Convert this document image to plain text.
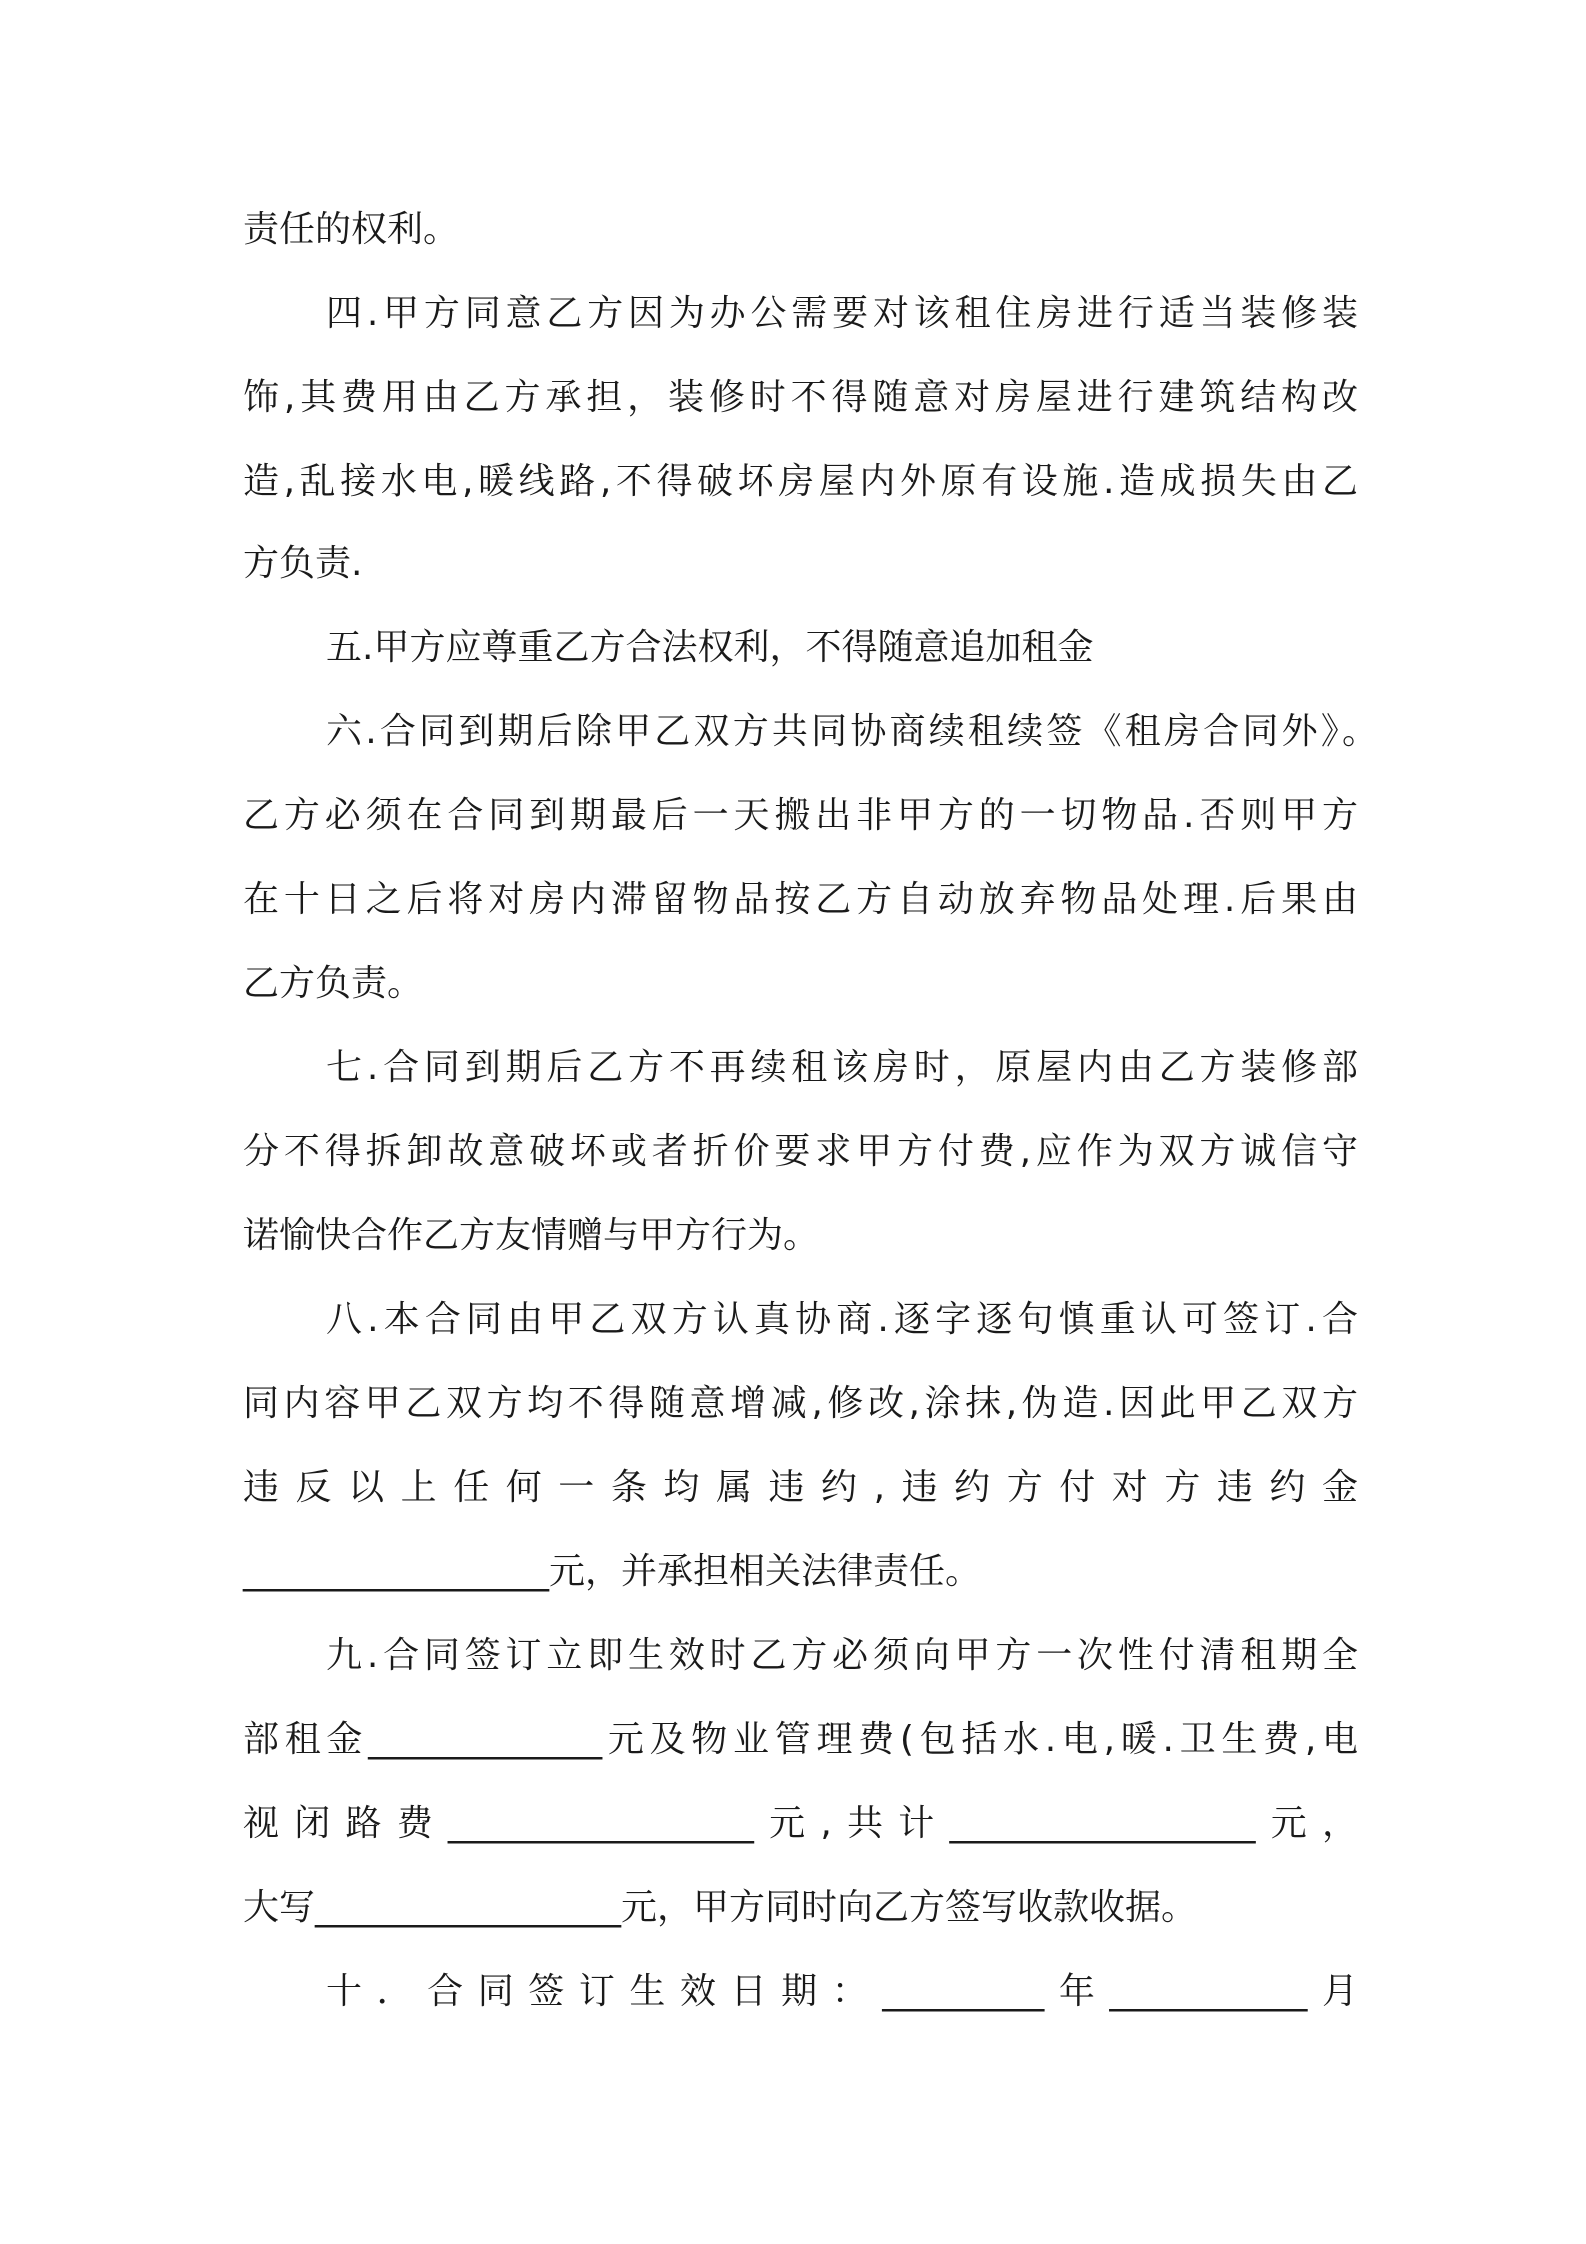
责任的权利。
四.甲方同意乙方因为办公需要对该租住房进行适当装修装
饰,其费用由乙方承担，装修时不得随意对房屋进行建筑结构改
造,乱接水电,暖线路,不得破坏房屋内外原有设施.造成损失由乙
方负责.
五.甲方应尊重乙方合法权利，不得随意追加租金
六.合同到期后除甲乙双方共同协商续租续签《租房合同外》。
乙方必须在合同到期最后一天搬出非甲方的一切物品.否则甲方
在十日之后将对房内滞留物品按乙方自动放弃物品处理.后果由
乙方负责。
七.合同到期后乙方不再续租该房时，原屋内由乙方装修部
分不得拆卸故意破坏或者折价要求甲方付费,应作为双方诚信守
诺愉快合作乙方友情赠与甲方行为。
八.本合同由甲乙双方认真协商.逐字逐句慎重认可签订.合
同内容甲乙双方均不得随意增减,修改,涂抹,伪造.因此甲乙双方
违反以上任何一条均属违约,违约方付对方违约金
_________________元，并承担相关法律责任。
九.合同签订立即生效时乙方必须向甲方一次性付清租期全
部租金_____________元及物业管理费(包括水.电,暖.卫生费,电
视闭路费_________________元,共计_________________元，
大写_________________元，甲方同时向乙方签写收款收据。
十．合同签订生效日期：_________年___________月
